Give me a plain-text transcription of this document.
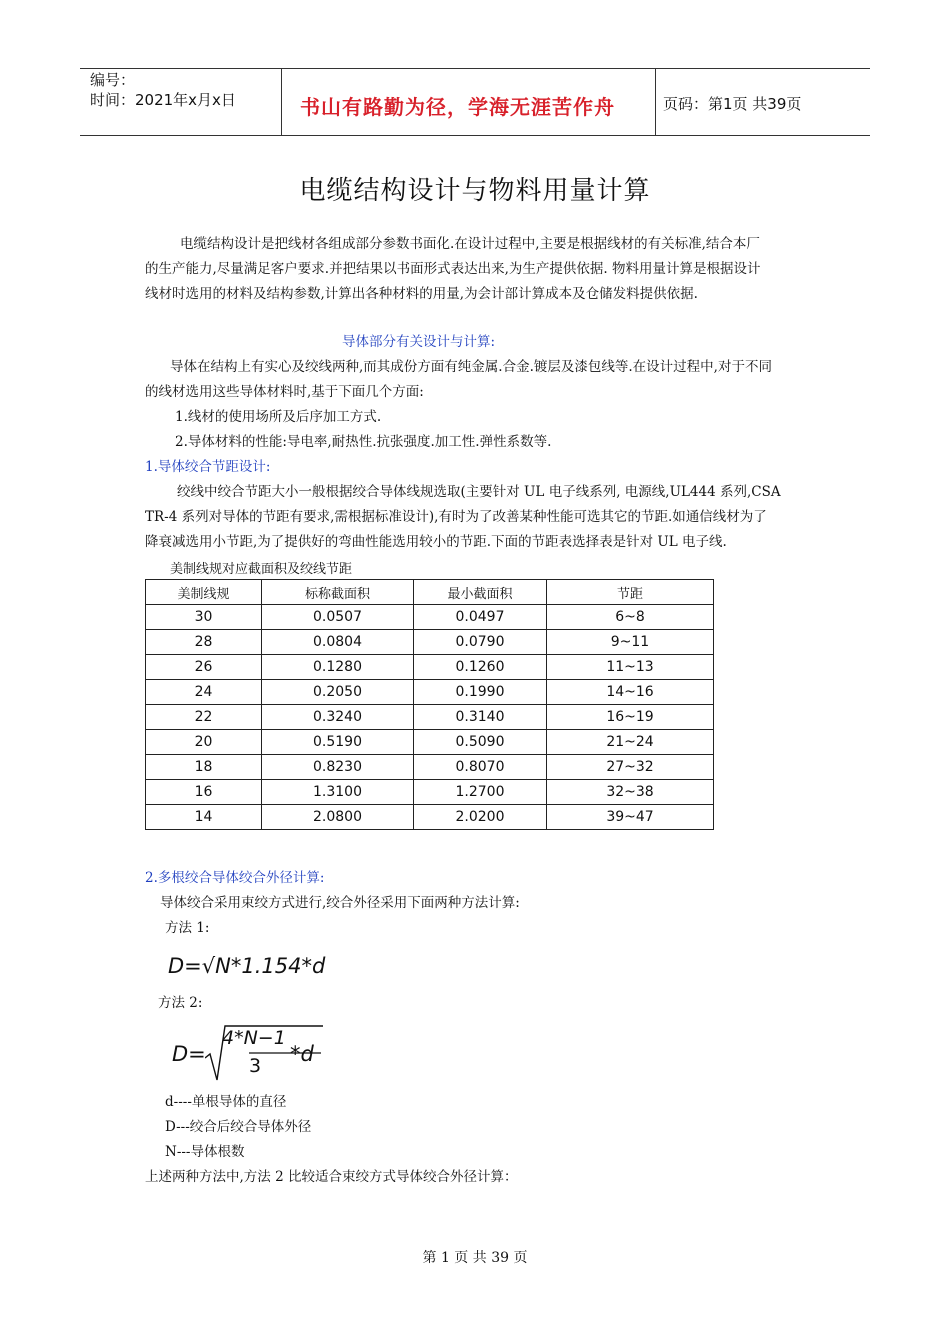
编号：
时间：2021年x月x日	书山有路勤为径，学海无涯苦作舟	页码：第1页 共39页
电缆结构设计与物料用量计算
电缆结构设计是把线材各组成部分参数书面化.在设计过程中,主要是根据线材的有关标准,结合本厂
的生产能力,尽量满足客户要求.并把结果以书面形式表达出来,为生产提供依据. 物料用量计算是根据设计
线材时选用的材料及结构参数,计算出各种材料的用量,为会计部计算成本及仓储发料提供依据.
导体部分有关设计与计算:
导体在结构上有实心及绞线两种,而其成份方面有纯金属.合金.镀层及漆包线等.在设计过程中,对于不同
的线材选用这些导体材料时,基于下面几个方面:
1.线材的使用场所及后序加工方式.
2.导体材料的性能:导电率,耐热性.抗张强度.加工性.弹性系数等.
1.导体绞合节距设计:
绞线中绞合节距大小一般根据绞合导体线规选取(主要针对 UL 电子线系列, 电源线,UL444 系列,CSA
TR-4 系列对导体的节距有要求,需根据标准设计),有时为了改善某种性能可选其它的节距.如通信线材为了
降衰减选用小节距,为了提供好的弯曲性能选用较小的节距.下面的节距表选择表是针对 UL 电子线.
美制线规对应截面积及绞线节距
美制线规	标称截面积	最小截面积	节距
30	0.0507	0.0497	6~8
28	0.0804	0.0790	9~11
26	0.1280	0.1260	11~13
24	0.2050	0.1990	14~16
22	0.3240	0.3140	16~19
20	0.5190	0.5090	21~24
18	0.8230	0.8070	27~32
16	1.3100	1.2700	32~38
14	2.0800	2.0200	39~47
2.多根绞合导体绞合外径计算:
导体绞合采用束绞方式进行,绞合外径采用下面两种方法计算:
方法 1:
D=√N*1.154*d
方法 2:
D=
4*N−1
3 *d
d----单根导体的直径
D---绞合后绞合导体外径
N---导体根数
上述两种方法中,方法 2 比较适合束绞方式导体绞合外径计算：
第 1 页 共 39 页
